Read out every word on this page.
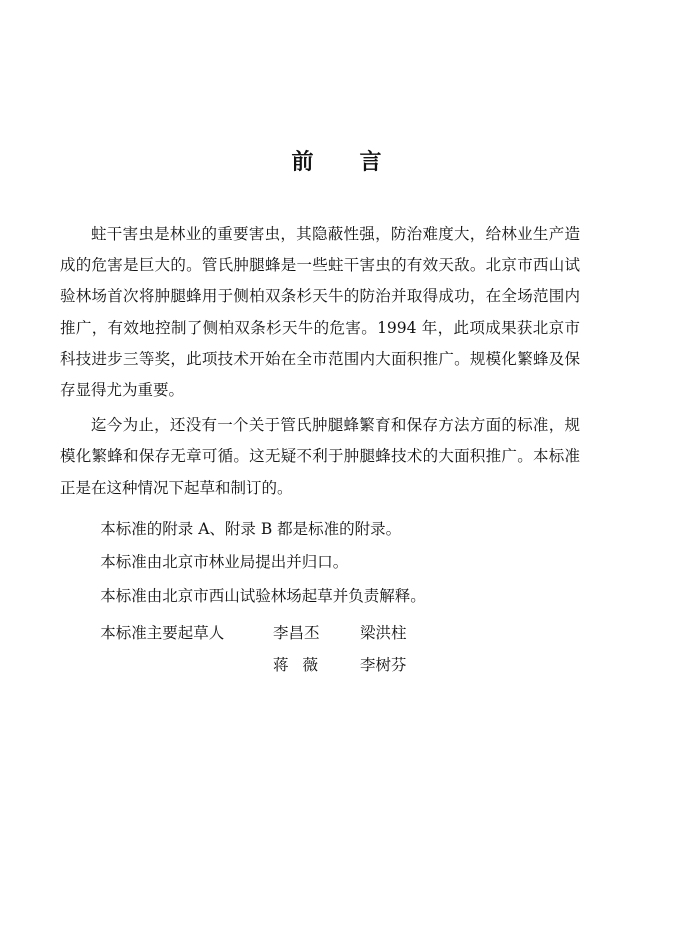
前 言

蛀干害虫是林业的重要害虫，其隐蔽性强，防治难度大，给林业生产造成的危害是巨大的。管氏肿腿蜂是一些蛀干害虫的有效天敌。北京市西山试验林场首次将肿腿蜂用于侧柏双条杉天牛的防治并取得成功，在全场范围内推广，有效地控制了侧柏双条杉天牛的危害。1994 年，此项成果获北京市科技进步三等奖，此项技术开始在全市范围内大面积推广。规模化繁蜂及保存显得尤为重要。

迄今为止，还没有一个关于管氏肿腿蜂繁育和保存方法方面的标准，规模化繁蜂和保存无章可循。这无疑不利于肿腿蜂技术的大面积推广。本标准正是在这种情况下起草和制订的。

本标准的附录 A、附录 B 都是标准的附录。
本标准由北京市林业局提出并归口。
本标准由北京市西山试验林场起草并负责解释。
本标准主要起草人	李昌丕	梁洪柱
蒋薇 李树芬
